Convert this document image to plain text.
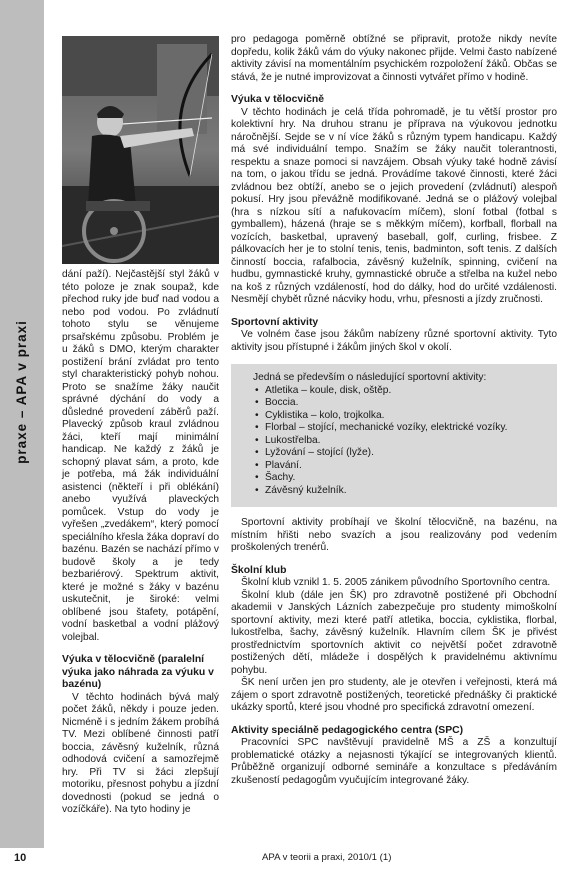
praxe – APA v praxi

dání paží). Nejčastější styl žáků v této poloze je znak soupaž, kde přechod ruky jde buď nad vodou a nebo pod vodou. Po zvládnutí tohoto stylu se věnujeme prsařskému způsobu. Problém je u žáků s DMO, kterým charakter postižení brání zvládat pro tento styl charakteristický pohyb nohou. Proto se snažíme žáky naučit správné dýchání do vody a důsledné provedení záběrů paží. Plavecký způsob kraul zvládnou žáci, kteří mají minimální handicap. Ne každý z žáků je schopný plavat sám, a proto, kde je potřeba, má žák individuální asistenci (někteří i při oblékání) anebo využívá plaveckých pomůcek. Vstup do vody je vyřešen „zvedákem“, který pomocí speciálního křesla žáka dopraví do bazénu. Bazén se nachází přímo v budově školy a je tedy bezbariérový. Spektrum aktivit, které je možné s žáky v bazénu uskutečnit, je široké: velmi oblíbené jsou štafety, potápění, vodní basketbal a vodní plážový volejbal.

Výuka v tělocvičně (paralelní výuka jako náhrada za výuku v bazénu)

V těchto hodinách bývá malý počet žáků, někdy i pouze jeden. Nicméně i s jedním žákem probíhá TV. Mezi oblíbené činnosti patří boccia, závěsný kuželník, různá odhodová cvičení a samozřejmě hry. Při TV si žáci zlepšují motoriku, přesnost pohybu a jízdní dovednosti (pokud se jedná o vozíčkáře). Na tyto hodiny je

pro pedagoga poměrně obtížné se připravit, protože nikdy nevíte dopředu, kolik žáků vám do výuky nakonec přijde. Velmi často nabízené aktivity závisí na momentálním psychickém rozpoložení žáků. Občas se stává, že je nutné improvizovat a činnosti vytvářet přímo v hodině.

Výuka v tělocvičně

V těchto hodinách je celá třída pohromadě, je tu větší prostor pro kolektivní hry. Na druhou stranu je příprava na výukovou jednotku náročnější. Sejde se v ní více žáků s různým typem handicapu. Každý má své individuální tempo. Snažím se žáky naučit tolerantnosti, respektu a snaze pomoci si navzájem. Obsah výuky také hodně závisí na tom, o jakou třídu se jedná. Provádíme takové činnosti, které žáci zvládnou bez obtíží, anebo se o jejich provedení (zvládnutí) alespoň pokusí. Hry jsou převážně modifikované. Jedná se o plážový volejbal (hra s nízkou sítí a nafukovacím míčem), sloní fotbal (fotbal s gymballem), házená (hraje se s měkkým míčem), korfball, florball na vozících, basketbal, upravený baseball, golf, curling, frisbee. Z pálkovacích her je to stolní tenis, tenis, badminton, soft tenis. Z dalších činností boccia, rafalbocia, závěsný kuželník, spinning, cvičení na hudbu, gymnastické kruhy, gymnastické obruče a střelba na kužel nebo na koš z různých vzdáleností, hod do dálky, hod do určité vzdálenosti. Nesmějí chybět různé nácviky hodu, vrhu, přesnosti a jízdy zručnosti.

Sportovní aktivity

Ve volném čase jsou žákům nabízeny různé sportovní aktivity. Tyto aktivity jsou přístupné i žákům jiných škol v okolí.

Jedná se především o následující sportovní aktivity:

• Atletika – koule, disk, oštěp.
• Boccia.
• Cyklistika – kolo, trojkolka.
• Florbal – stojící, mechanické vozíky, elektrické vozíky.
• Lukostřelba.
• Lyžování – stojící (lyže).
• Plavání.
• Šachy.
• Závěsný kuželník.

Sportovní aktivity probíhají ve školní tělocvičně, na bazénu, na místním hřišti nebo svazích a jsou realizovány pod vedením proškolených trenérů.

Školní klub

Školní klub vznikl 1. 5. 2005 zánikem původního Sportovního centra.

Školní klub (dále jen ŠK) pro zdravotně postižené při Obchodní akademii v Janských Lázních zabezpečuje pro studenty mimoškolní sportovní aktivity, mezi které patří atletika, boccia, cyklistika, florbal, lukostřelba, šachy, závěsný kuželník. Hlavním cílem ŠK je přivést prostřednictvím sportovních aktivit co největší počet zdravotně postižených dětí, mládeže i dospělých k pravidelnému aktivnímu pohybu.

ŠK není určen jen pro studenty, ale je otevřen i veřejnosti, která má zájem o sport zdravotně postižených, teoretické přednášky či praktické ukázky sportů, které jsou vhodné pro specifická zdravotní omezení.

Aktivity speciálně pedagogického centra (SPC)

Pracovníci SPC navštěvují pravidelně MŠ a ZŠ a konzultují problematické otázky a nejasnosti týkající se integrovaných klientů. Průběžně organizují odborné semináře a konzultace s předáváním zkušeností pedagogům vyučujícím integrované žáky.

10	APA v teorii a praxi, 2010/1 (1)
